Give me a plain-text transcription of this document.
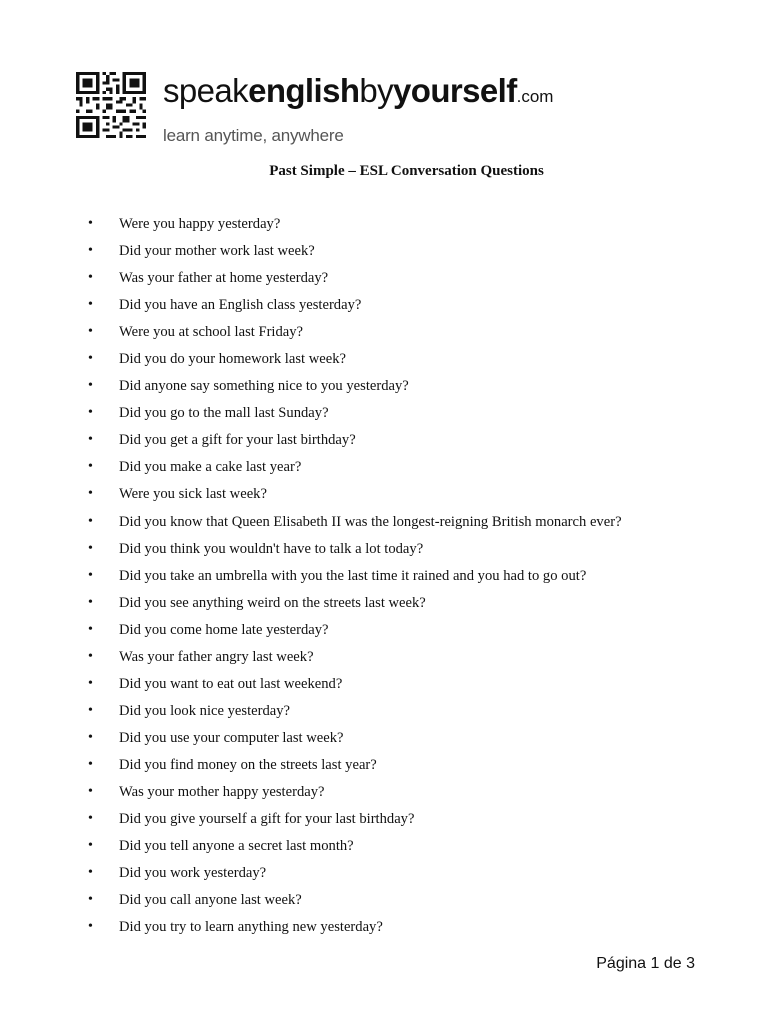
speakenglishbyyourself.com
learn anytime, anywhere
Past Simple – ESL Conversation Questions
• Were you happy yesterday?
• Did your mother work last week?
• Was your father at home yesterday?
• Did you have an English class yesterday?
• Were you at school last Friday?
• Did you do your homework last week?
• Did anyone say something nice to you yesterday?
• Did you go to the mall last Sunday?
• Did you get a gift for your last birthday?
• Did you make a cake last year?
• Were you sick last week?
• Did you know that Queen Elisabeth II was the longest-reigning British monarch ever?
• Did you think you wouldn't have to talk a lot today?
• Did you take an umbrella with you the last time it rained and you had to go out?
• Did you see anything weird on the streets last week?
• Did you come home late yesterday?
• Was your father angry last week?
• Did you want to eat out last weekend?
• Did you look nice yesterday?
• Did you use your computer last week?
• Did you find money on the streets last year?
• Was your mother happy yesterday?
• Did you give yourself a gift for your last birthday?
• Did you tell anyone a secret last month?
• Did you work yesterday?
• Did you call anyone last week?
• Did you try to learn anything new yesterday?
Página 1 de 3
